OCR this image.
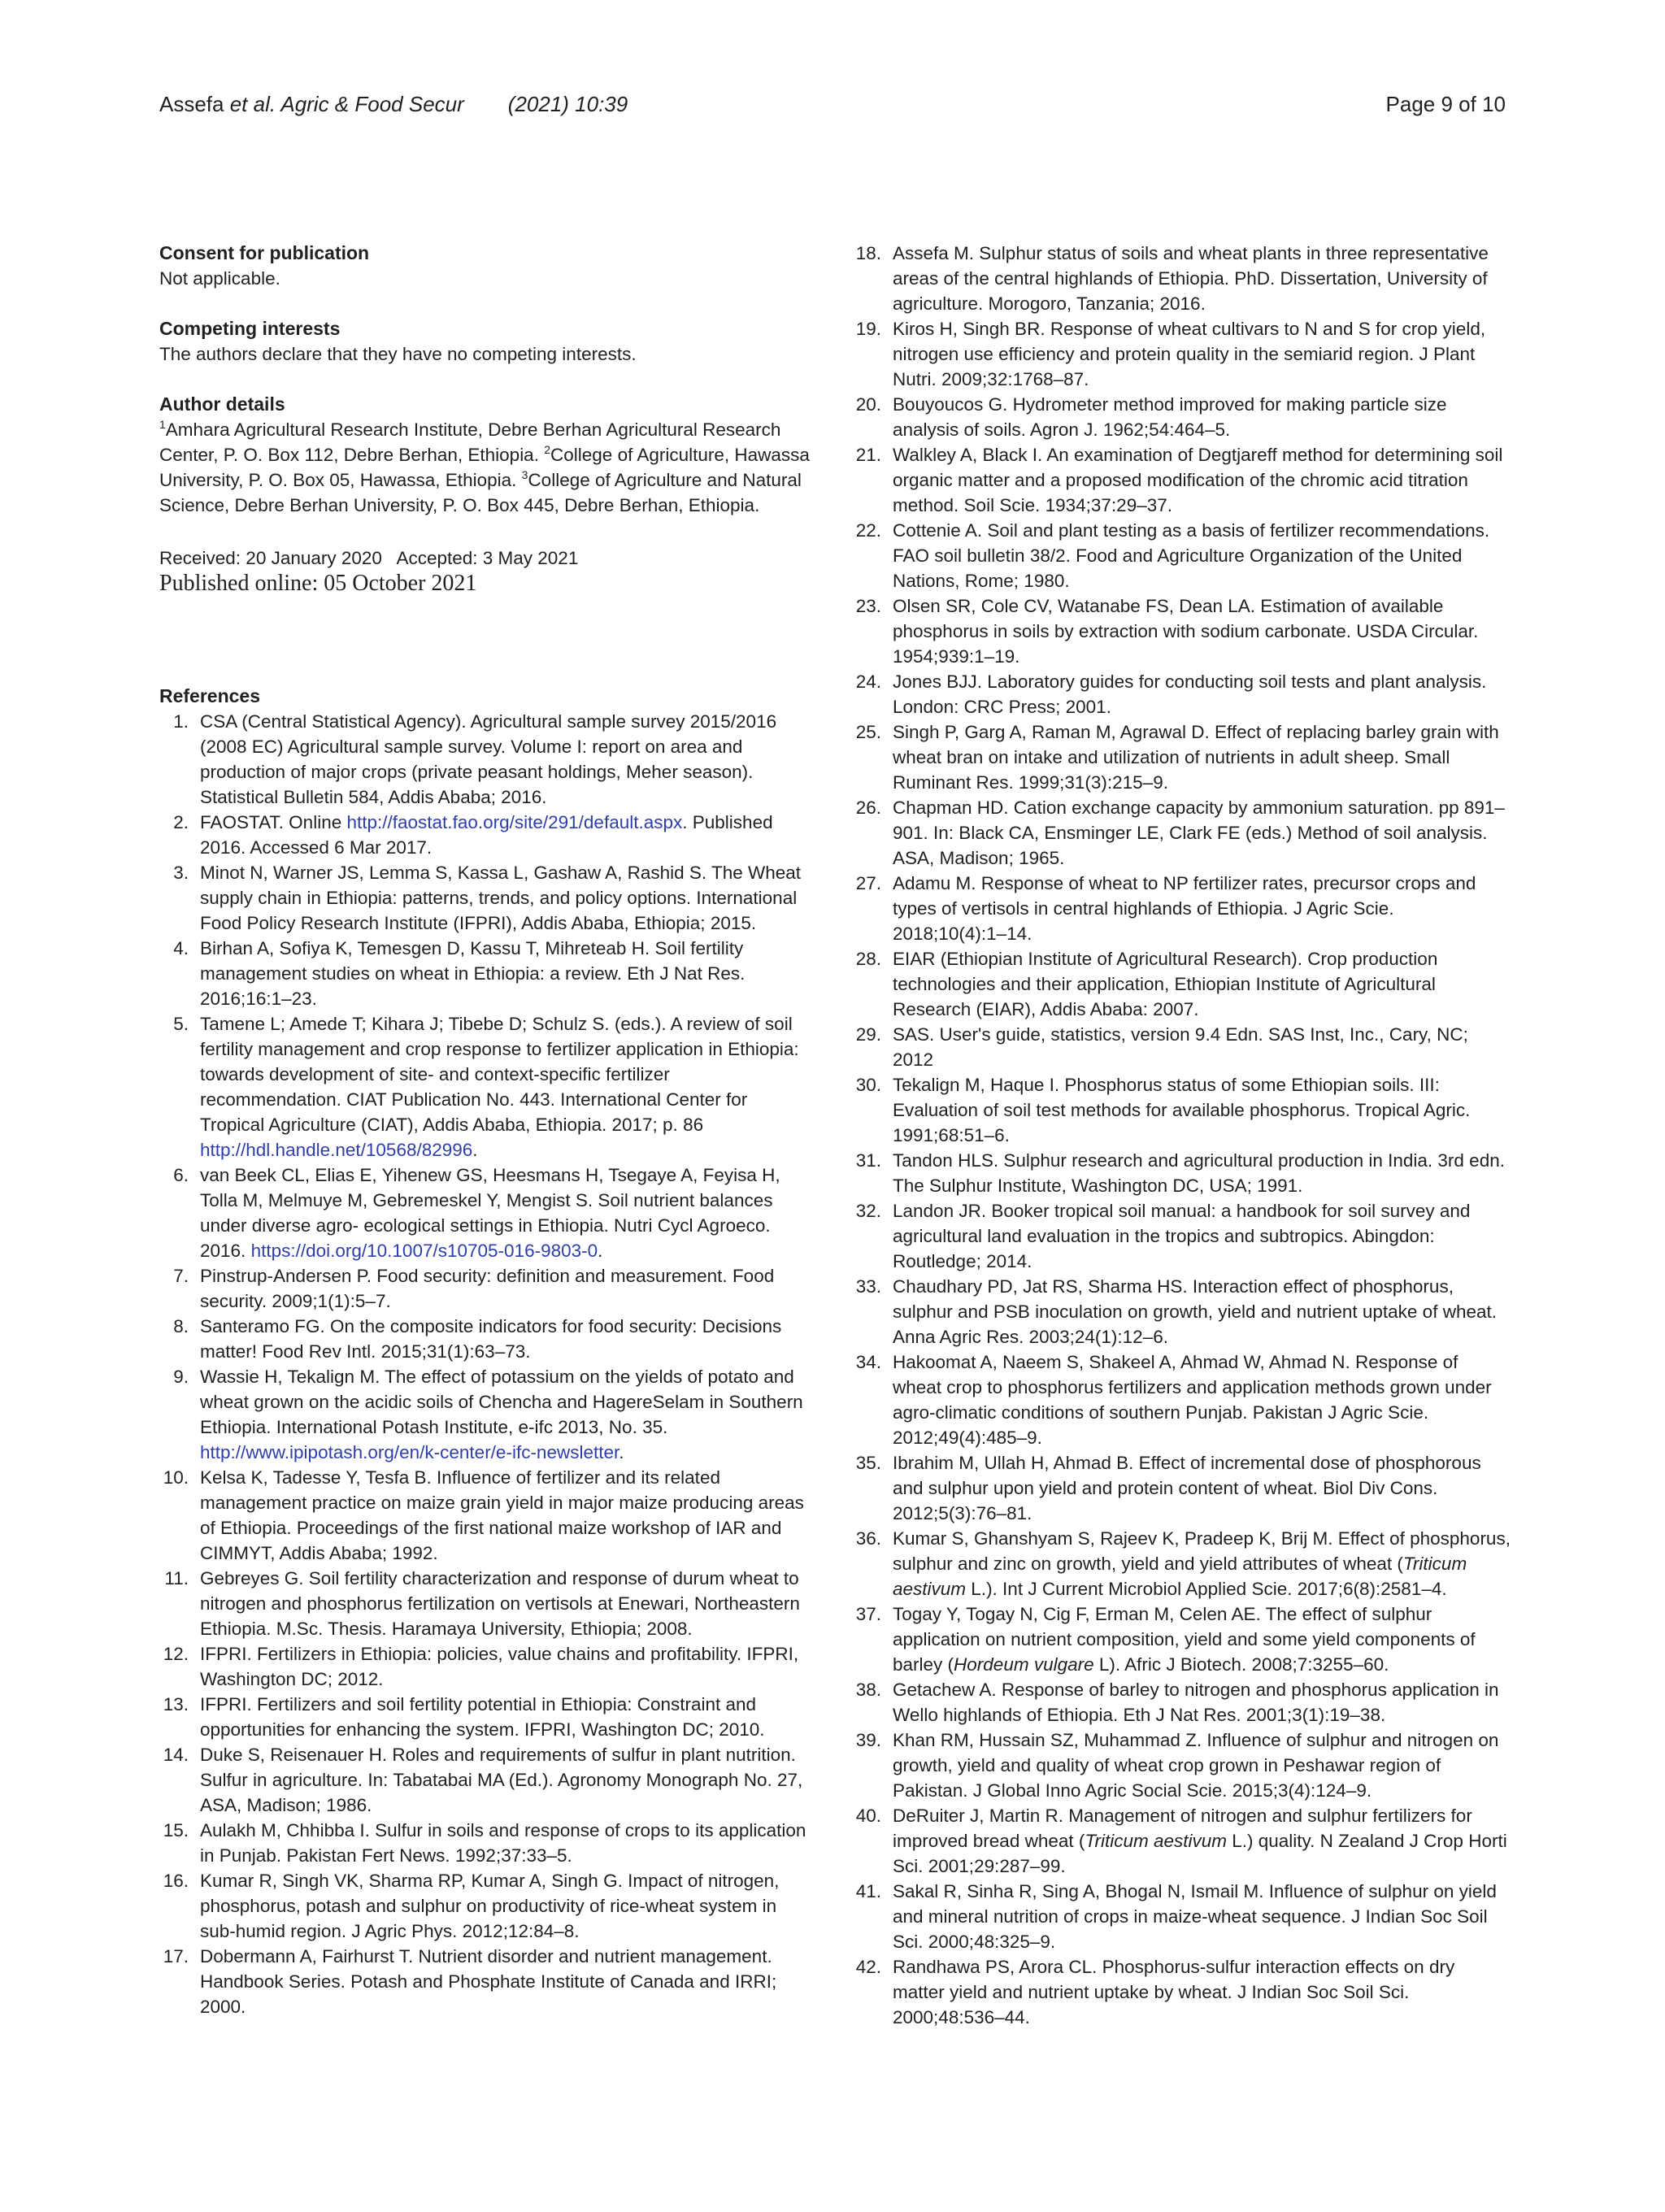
Assefa et al. Agric & Food Secur (2021) 10:39	Page 9 of 10
Consent for publication

Not applicable.

Competing interests

The authors declare that they have no competing interests.

Author details

$^1$Amhara Agricultural Research Institute, Debre Berhan Agricultural Research Center, P. O. Box 112, Debre Berhan, Ethiopia. $^2$College of Agriculture, Hawassa University, P. O. Box 05, Hawassa, Ethiopia. $^3$College of Agriculture and Natural Science, Debre Berhan University, P. O. Box 445, Debre Berhan, Ethiopia.

Received: 20 January 2020   Accepted: 3 May 2021
Published online: 05 October 2021
References
1. CSA (Central Statistical Agency). Agricultural sample survey 2015/2016 (2008 EC) Agricultural sample survey. Volume I: report on area and production of major crops (private peasant holdings, Meher season). Statistical Bulletin 584, Addis Ababa; 2016.
2. FAOSTAT. Online http://faostat.fao.org/site/291/default.aspx. Published 2016. Accessed 6 Mar 2017.
3. Minot N, Warner JS, Lemma S, Kassa L, Gashaw A, Rashid S. The Wheat supply chain in Ethiopia: patterns, trends, and policy options. International Food Policy Research Institute (IFPRI), Addis Ababa, Ethiopia; 2015.
4. Birhan A, Sofiya K, Temesgen D, Kassu T, Mihreteab H. Soil fertility management studies on wheat in Ethiopia: a review. Eth J Nat Res. 2016;16:1–23.
5. Tamene L; Amede T; Kihara J; Tibebe D; Schulz S. (eds.). A review of soil fertility management and crop response to fertilizer application in Ethiopia: towards development of site- and context-specific fertilizer recommendation. CIAT Publication No. 443. International Center for Tropical Agriculture (CIAT), Addis Ababa, Ethiopia. 2017; p. 86 http://hdl.handle.net/10568/82996.
6. van Beek CL, Elias E, Yihenew GS, Heesmans H, Tsegaye A, Feyisa H, Tolla M, Melmuye M, Gebremeskel Y, Mengist S. Soil nutrient balances under diverse agro- ecological settings in Ethiopia. Nutri Cycl Agroeco. 2016. https://doi.org/10.1007/s10705-016-9803-0.
7. Pinstrup-Andersen P. Food security: definition and measurement. Food security. 2009;1(1):5–7.
8. Santeramo FG. On the composite indicators for food security: Decisions matter! Food Rev Intl. 2015;31(1):63–73.
9. Wassie H, Tekalign M. The effect of potassium on the yields of potato and wheat grown on the acidic soils of Chencha and HagereSelam in Southern Ethiopia. International Potash Institute, e-ifc 2013, No. 35. http://www.ipipotash.org/en/k-center/e-ifc-newsletter.
10. Kelsa K, Tadesse Y, Tesfa B. Influence of fertilizer and its related management practice on maize grain yield in major maize producing areas of Ethiopia. Proceedings of the first national maize workshop of IAR and CIMMYT, Addis Ababa; 1992.
11. Gebreyes G. Soil fertility characterization and response of durum wheat to nitrogen and phosphorus fertilization on vertisols at Enewari, Northeastern Ethiopia. M.Sc. Thesis. Haramaya University, Ethiopia; 2008.
12. IFPRI. Fertilizers in Ethiopia: policies, value chains and profitability. IFPRI, Washington DC; 2012.
13. IFPRI. Fertilizers and soil fertility potential in Ethiopia: Constraint and opportunities for enhancing the system. IFPRI, Washington DC; 2010.
14. Duke S, Reisenauer H. Roles and requirements of sulfur in plant nutrition. Sulfur in agriculture. In: Tabatabai MA (Ed.). Agronomy Monograph No. 27, ASA, Madison; 1986.
15. Aulakh M, Chhibba I. Sulfur in soils and response of crops to its application in Punjab. Pakistan Fert News. 1992;37:33–5.
16. Kumar R, Singh VK, Sharma RP, Kumar A, Singh G. Impact of nitrogen, phosphorus, potash and sulphur on productivity of rice-wheat system in sub-humid region. J Agric Phys. 2012;12:84–8.
17. Dobermann A, Fairhurst T. Nutrient disorder and nutrient management. Handbook Series. Potash and Phosphate Institute of Canada and IRRI; 2000.
18. Assefa M. Sulphur status of soils and wheat plants in three representative areas of the central highlands of Ethiopia. PhD. Dissertation, University of agriculture. Morogoro, Tanzania; 2016.
19. Kiros H, Singh BR. Response of wheat cultivars to N and S for crop yield, nitrogen use efficiency and protein quality in the semiarid region. J Plant Nutri. 2009;32:1768–87.
20. Bouyoucos G. Hydrometer method improved for making particle size analysis of soils. Agron J. 1962;54:464–5.
21. Walkley A, Black I. An examination of Degtjareff method for determining soil organic matter and a proposed modification of the chromic acid titration method. Soil Scie. 1934;37:29–37.
22. Cottenie A. Soil and plant testing as a basis of fertilizer recommendations. FAO soil bulletin 38/2. Food and Agriculture Organization of the United Nations, Rome; 1980.
23. Olsen SR, Cole CV, Watanabe FS, Dean LA. Estimation of available phosphorus in soils by extraction with sodium carbonate. USDA Circular. 1954;939:1–19.
24. Jones BJJ. Laboratory guides for conducting soil tests and plant analysis. London: CRC Press; 2001.
25. Singh P, Garg A, Raman M, Agrawal D. Effect of replacing barley grain with wheat bran on intake and utilization of nutrients in adult sheep. Small Ruminant Res. 1999;31(3):215–9.
26. Chapman HD. Cation exchange capacity by ammonium saturation. pp 891–901. In: Black CA, Ensminger LE, Clark FE (eds.) Method of soil analysis. ASA, Madison; 1965.
27. Adamu M. Response of wheat to NP fertilizer rates, precursor crops and types of vertisols in central highlands of Ethiopia. J Agric Scie. 2018;10(4):1–14.
28. EIAR (Ethiopian Institute of Agricultural Research). Crop production technologies and their application, Ethiopian Institute of Agricultural Research (EIAR), Addis Ababa: 2007.
29. SAS. User's guide, statistics, version 9.4 Edn. SAS Inst, Inc., Cary, NC; 2012
30. Tekalign M, Haque I. Phosphorus status of some Ethiopian soils. III: Evaluation of soil test methods for available phosphorus. Tropical Agric. 1991;68:51–6.
31. Tandon HLS. Sulphur research and agricultural production in India. 3rd edn. The Sulphur Institute, Washington DC, USA; 1991.
32. Landon JR. Booker tropical soil manual: a handbook for soil survey and agricultural land evaluation in the tropics and subtropics. Abingdon: Routledge; 2014.
33. Chaudhary PD, Jat RS, Sharma HS. Interaction effect of phosphorus, sulphur and PSB inoculation on growth, yield and nutrient uptake of wheat. Anna Agric Res. 2003;24(1):12–6.
34. Hakoomat A, Naeem S, Shakeel A, Ahmad W, Ahmad N. Response of wheat crop to phosphorus fertilizers and application methods grown under agro-climatic conditions of southern Punjab. Pakistan J Agric Scie. 2012;49(4):485–9.
35. Ibrahim M, Ullah H, Ahmad B. Effect of incremental dose of phosphorous and sulphur upon yield and protein content of wheat. Biol Div Cons. 2012;5(3):76–81.
36. Kumar S, Ghanshyam S, Rajeev K, Pradeep K, Brij M. Effect of phosphorus, sulphur and zinc on growth, yield and yield attributes of wheat (Triticum aestivum L.). Int J Current Microbiol Applied Scie. 2017;6(8):2581–4.
37. Togay Y, Togay N, Cig F, Erman M, Celen AE. The effect of sulphur application on nutrient composition, yield and some yield components of barley (Hordeum vulgare L). Afric J Biotech. 2008;7:3255–60.
38. Getachew A. Response of barley to nitrogen and phosphorus application in Wello highlands of Ethiopia. Eth J Nat Res. 2001;3(1):19–38.
39. Khan RM, Hussain SZ, Muhammad Z. Influence of sulphur and nitrogen on growth, yield and quality of wheat crop grown in Peshawar region of Pakistan. J Global Inno Agric Social Scie. 2015;3(4):124–9.
40. DeRuiter J, Martin R. Management of nitrogen and sulphur fertilizers for improved bread wheat (Triticum aestivum L.) quality. N Zealand J Crop Horti Sci. 2001;29:287–99.
41. Sakal R, Sinha R, Sing A, Bhogal N, Ismail M. Influence of sulphur on yield and mineral nutrition of crops in maize-wheat sequence. J Indian Soc Soil Sci. 2000;48:325–9.
42. Randhawa PS, Arora CL. Phosphorus-sulfur interaction effects on dry matter yield and nutrient uptake by wheat. J Indian Soc Soil Sci. 2000;48:536–44.
